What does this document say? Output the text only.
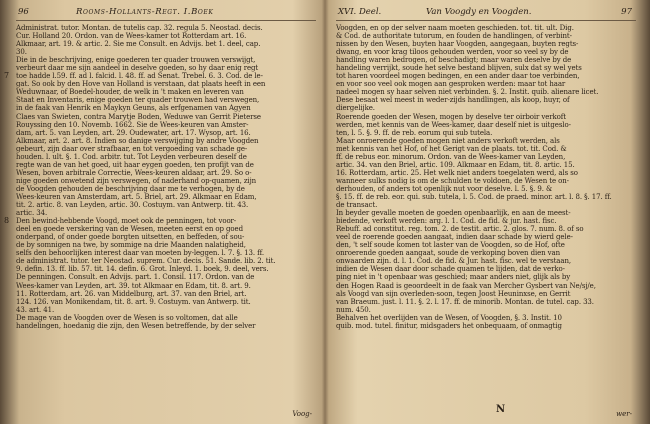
96	Rooms-Hollants-Regt. I.Boek
7
8
Administrat. tutor. Montan. de tutelis cap. 32. regula 5. Neostad. decis.
Cur. Holland 20. Ordon. van de Wees-kamer tot Rotterdam art. 16.
Alkmaar, art. 19. & artic. 2. Sie me Consult. en Advijs. bet 1. deel, cap.
30.
Die in de beschrijving, enige goederen ter quader trouwen verswijgt,
verbeurt daar me sijn aandeel in deselve goeden, so hy daar enig regt
toe hadde l.59. ff. ad l. falcid. l. 48. ff. ad Senat. Trebel. 6. 3. Cod. de le-
gat. So ook by den Hove van Holland is verstaan, dat plaats heeft in een
Weduwnaar, of Boedel-houder, de welk in 't maken en leveren van
Staat en Inventaris, enige goeden ter quader trouwen had verswegen,
in de faak van Henrik en Maykyn Geuns, als erfgenamen van Agyen
Claes van Swieten, contra Marytje Boden, Weduwe van Gerrit Pieterse
Rouyssing den 10. Novemb. 1662. Sie de Wees-keuren van Amster-
dam, art. 5. van Leyden, art. 29. Oudewater, art. 17. Wysop, art. 16.
Alkmaar, art. 2. art. 8. Indien so danige verswijging by andre Voogden
gebeurt, zijn daar over strafbaar, en tot vergoeding van schade ge-
houden. l. ult. §. 1. Cod. arbitr. tut. Tot Leyden verbeuren deself de
regte wan de van het goed, uit haar eygen goeden, ten profijt van de
Wesen, boven arbitrale Correctie, Wees-keuren aldaar, art. 29. So o-
nige goeden onwetend zijn verswegen, of naderhand op-quamen, zijn
de Voogden gehouden de beschrijving daar me te verhogen, by de
Wees-keuren van Amsterdam, art. 5. Briel, art. 29. Alkmaar en Edam,
tit. 2. artic. 8. van Leyden, artic. 30. Costuym. van Antwerp. tit. 43.
artic. 34.
Den bewind-hebbende Voogd, moet ook de penningen, tot voor-
deel en goede verskering van de Wesen, meeten eerst en op goed
onderpand, of onder goede borgten uitsetten, en beffeden, of sou-
de by somnigen na twe, by sommige na drie Maanden nalatigheid,
selfs den behoorlijken interest daar van moeten by-leggen. l. 7. §. 13. ff.
de administrat. tutor. ter Neostad. suprem. Cur. decis. 51. Sande. lib. 2. tit.
9. defin. 13. ff. lib. 57. tit. 14. defin. 6. Grot. Inleyd. 1. boek, 9. deel, vers.
De penningen. Consult. en Advijs. part. 1. Consil. 117. Ordon. van de
Wees-kamer van Leyden, art. 39. tot Alkmaar en Edam, tit. 8. art. 9.
11. Rotterdam, art. 26. van Middelburg, art. 37. van den Briel, art.
124. 126. van Monikendam, tit. 8. art. 9. Costuym. van Antwerp. tit.
43. art. 41.
De mage van de Voogden over de Wesen is so voltomen, dat alle
handelingen, hoedanig die zijn, den Wesen betreffende, by der selver
Voog-
XVI. Deel.	Van Voogdy en Voogden.	97
Voogden, en op der selver naam moeten geschieden. tot. tit. ult. Dig.
& Cod. de authoritate tutorum, en fouden de handlingen, of verbint-
nissen by den Wesen, buyten haar Voogden, aangegaan, buyten regts-
dwang, en voor krag tiloos gehouden werden, voor so veel sy by de
handling waren bedrogen, of beschadigt; maar waren deselve by de
handeling verrijkt, soude het selve bestand blijven, sulx dat sy wel yets
tot haren voordeel mogen bedingen, en een ander daar toe verbinden,
en voor soo veel ook mogen aan gesproken werden: maar tot haar
nadeel mogen sy haar selven niet verbinden. §. 2. Instit. quib. alienare licet.
Dese besaat wel meest in weder-zijds handlingen, als koop, huyr, of
diergelijke.
Roerende goeden der Wesen, mogen by deselve ter oirboir verkoft
werden, met kennis van de Wees-kamer, daar deself niet is uitgeslo-
ten, l. 5. §. 9. ff. de reb. eorum qui sub tutela.
Maar onroerende goeden mogen niet anders verkoft werden, als
met kennis van het Hof, of het Gerigt van de plaats. tot. tit. Cod. &
ff. de rebus eor. minorum. Ordon. van de Wees-kamer van Leyden,
artic. 34. van den Briel, artic. 109. Alkmaar en Edam, tit. 8. artic. 15.
16. Rotterdam, artic. 25. Het welk niet anders toegelaten werd, als so
wanneer sulks nodig is om de schulden te voldoen, de Wesen te on-
derhouden, of anders tot openlijk nut voor deselve. l. 5. §. 9. &
§. 15. ff. de reb. eor. qui. sub. tutela, l. 5. Cod. de praed. minor. art. l. 8. §. 17. ff.
de transact.
In beyder gevalle moeten de goeden openbaarlijk, en aan de meest-
biedende, verkoft werden: arg. l. 1. Cod. de fid. & jur. hast. fisc.
Rebuff. ad constitut. reg. tom. 2. de testit. artic. 2. glos. 7. num. 8. of so
veel de roerende goeden aangaat, indien daar schade by wierd gele-
den, 't self soude komen tot laster van de Voogden, so de Hof, ofte
onroerende goeden aangaat, soude de verkoping boven dien van
onwaarden zijn. d. l. 1. Cod. de fid. & Jur. hast. fisc. wel te verstaan,
indien de Wesen daar door schade quamen te lijden, dat de verko-
ping niet in 't openbaar was geschied; maar anders niet, glijk als by
den Hogen Raad is geoordeelt in de faak van Mercher Gysbert van Ne/sj/e,
als Voogd van sijn overleden-soon, tegen Joost Heuninxse, en Gerrit
van Braeum. just. l. 11. §. 2. l. 17. ff. de minorib. Montan. de tutel. cap. 33.
num. 450.
Behalven het overlijden van de Wesen, of Voogden, §. 3. Instit. 10
quib. mod. tutel. finitur, midsgaders het onbequaam, of onmagtig
N	wer-
